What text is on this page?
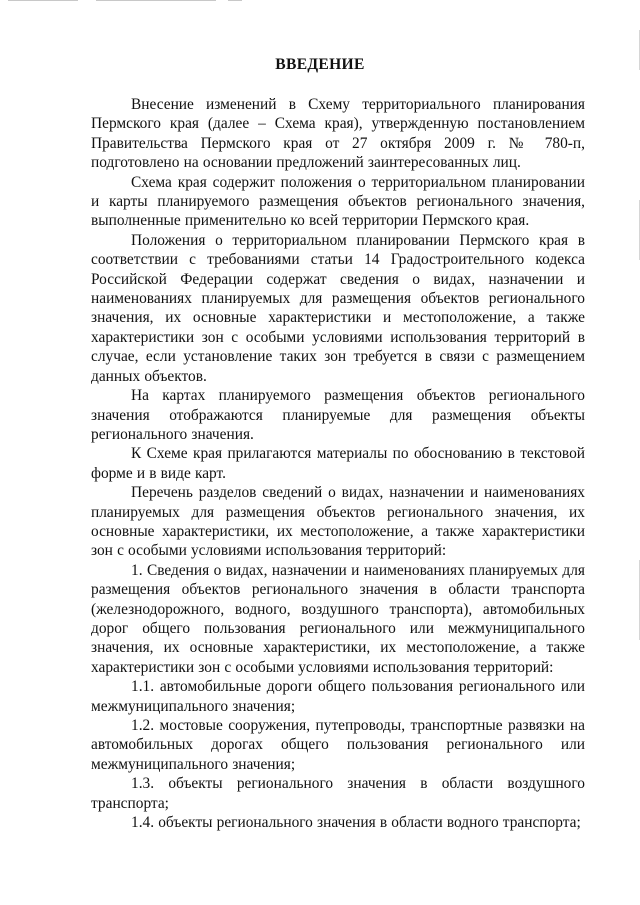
ВВЕДЕНИЕ

Внесение изменений в Схему территориального планирования Пермского края (далее – Схема края), утвержденную постановлением Правительства Пермского края от 27 октября 2009 г. № 780-п, подготовлено на основании предложений заинтересованных лиц.

Схема края содержит положения о территориальном планировании и карты планируемого размещения объектов регионального значения, выполненные применительно ко всей территории Пермского края.

Положения о территориальном планировании Пермского края в соответствии с требованиями статьи 14 Градостроительного кодекса Российской Федерации содержат сведения о видах, назначении и наименованиях планируемых для размещения объектов регионального значения, их основные характеристики и местоположение, а также характеристики зон с особыми условиями использования территорий в случае, если установление таких зон требуется в связи с размещением данных объектов.

На картах планируемого размещения объектов регионального значения отображаются планируемые для размещения объекты регионального значения.

К Схеме края прилагаются материалы по обоснованию в текстовой форме и в виде карт.

Перечень разделов сведений о видах, назначении и наименованиях планируемых для размещения объектов регионального значения, их основные характеристики, их местоположение, а также характеристики зон с особыми условиями использования территорий:

1. Сведения о видах, назначении и наименованиях планируемых для размещения объектов регионального значения в области транспорта (железнодорожного, водного, воздушного транспорта), автомобильных дорог общего пользования регионального или межмуниципального значения, их основные характеристики, их местоположение, а также характеристики зон с особыми условиями использования территорий:

1.1. автомобильные дороги общего пользования регионального или межмуниципального значения;

1.2. мостовые сооружения, путепроводы, транспортные развязки на автомобильных дорогах общего пользования регионального или межмуниципального значения;

1.3. объекты регионального значения в области воздушного транспорта;

1.4. объекты регионального значения в области водного транспорта;
